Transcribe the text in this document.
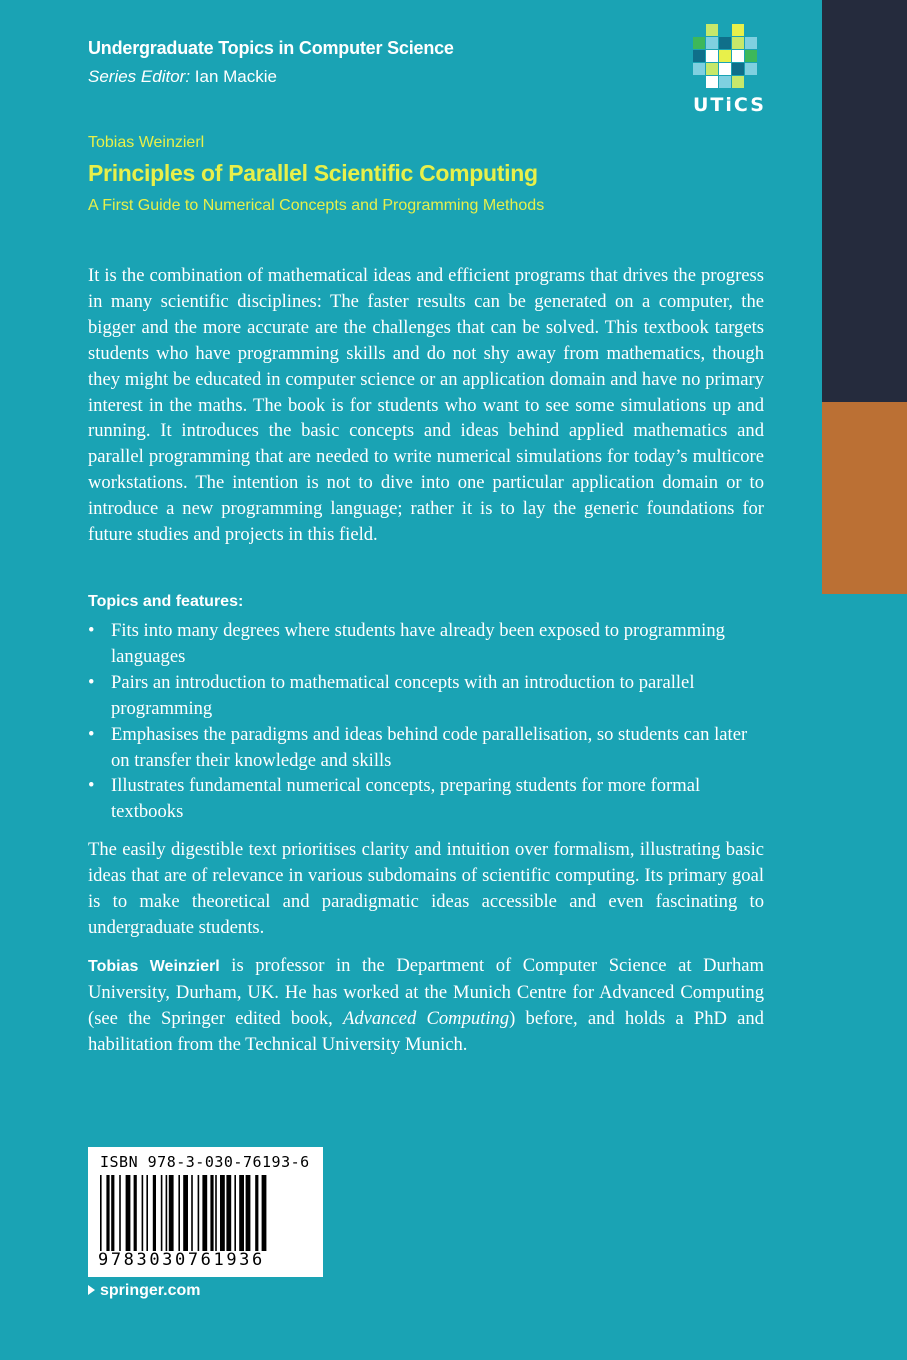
Undergraduate Topics in Computer Science
Series Editor: Ian Mackie
UTiCS
Tobias Weinzierl
Principles of Parallel Scientific Computing
A First Guide to Numerical Concepts and Programming Methods

It is the combination of mathematical ideas and efficient programs that drives the progress in many scientific disciplines: The faster results can be generated on a computer, the bigger and the more accurate are the challenges that can be solved. This textbook targets students who have programming skills and do not shy away from mathematics, though they might be educated in computer science or an application domain and have no primary interest in the maths. The book is for students who want to see some simulations up and running. It introduces the basic concepts and ideas behind applied mathematics and parallel programming that are needed to write numerical simulations for today’s multicore workstations. The intention is not to dive into one particular application domain or to introduce a new programming language; rather it is to lay the generic foundations for future studies and projects in this field.

Topics and features:
• Fits into many degrees where students have already been exposed to programming languages
• Pairs an introduction to mathematical concepts with an introduction to parallel programming
• Emphasises the paradigms and ideas behind code parallelisation, so students can later on transfer their knowledge and skills
• Illustrates fundamental numerical concepts, preparing students for more formal textbooks
The easily digestible text prioritises clarity and intuition over formalism, illustrating basic ideas that are of relevance in various subdomains of scientific computing. Its primary goal is to make theoretical and paradigmatic ideas accessible and even fascinating to undergraduate students.
Tobias Weinzierl is professor in the Department of Computer Science at Durham University, Durham, UK. He has worked at the Munich Centre for Advanced Computing (see the Springer edited book, Advanced Computing) before, and holds a PhD and habilitation from the Technical University Munich.
ISBN 978-3-030-76193-6
9783030761936
springer.com
